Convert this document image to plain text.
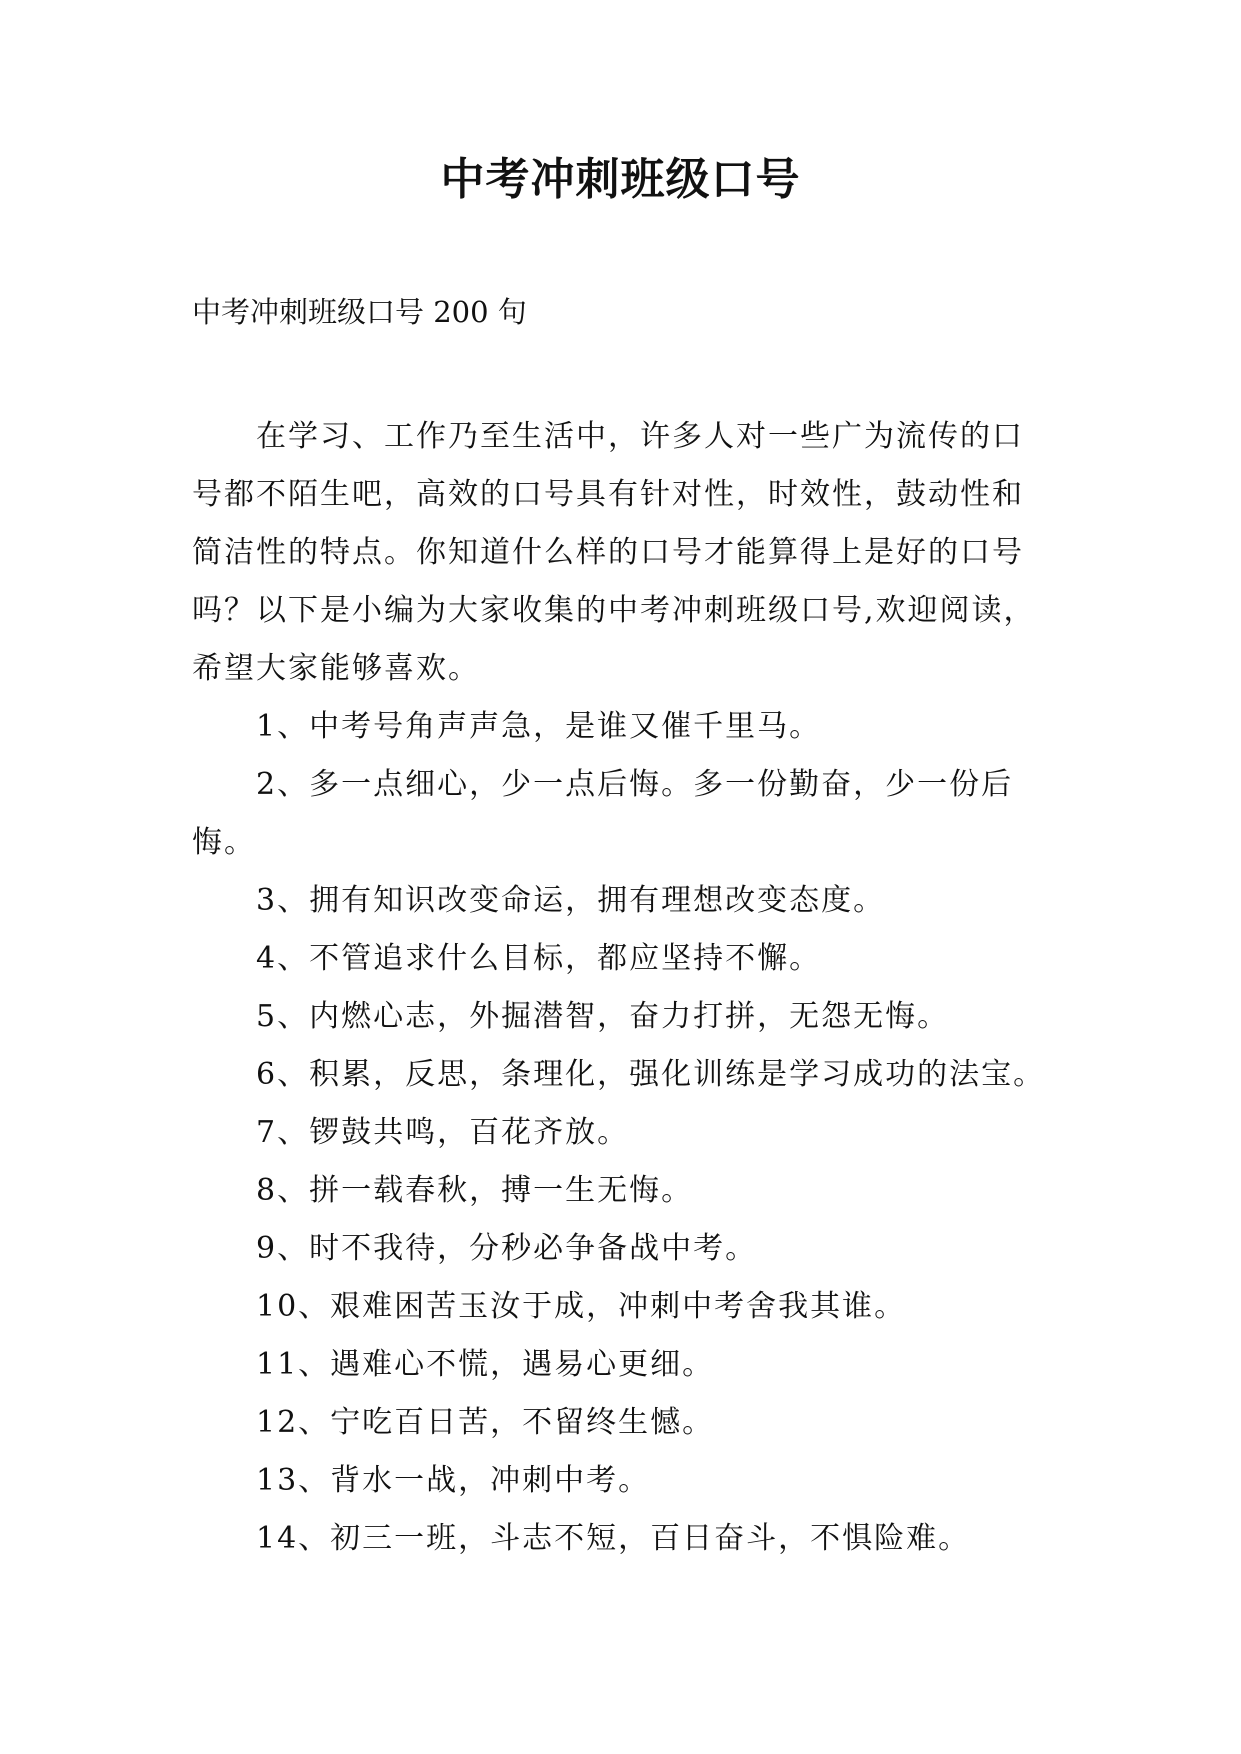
中考冲刺班级口号
中考冲刺班级口号 200 句
在学习、工作乃至生活中，许多人对一些广为流传的口
号都不陌生吧，高效的口号具有针对性，时效性，鼓动性和
简洁性的特点。你知道什么样的口号才能算得上是好的口号
吗？以下是小编为大家收集的中考冲刺班级口号,欢迎阅读，
希望大家能够喜欢。
1、中考号角声声急，是谁又催千里马。
2、多一点细心，少一点后悔。多一份勤奋，少一份后
悔。
3、拥有知识改变命运，拥有理想改变态度。
4、不管追求什么目标，都应坚持不懈。
5、内燃心志，外掘潜智，奋力打拼，无怨无悔。
6、积累，反思，条理化，强化训练是学习成功的法宝。
7、锣鼓共鸣，百花齐放。
8、拼一载春秋，搏一生无悔。
9、时不我待，分秒必争备战中考。
10、艰难困苦玉汝于成，冲刺中考舍我其谁。
11、遇难心不慌，遇易心更细。
12、宁吃百日苦，不留终生憾。
13、背水一战，冲刺中考。
14、初三一班，斗志不短，百日奋斗，不惧险难。
